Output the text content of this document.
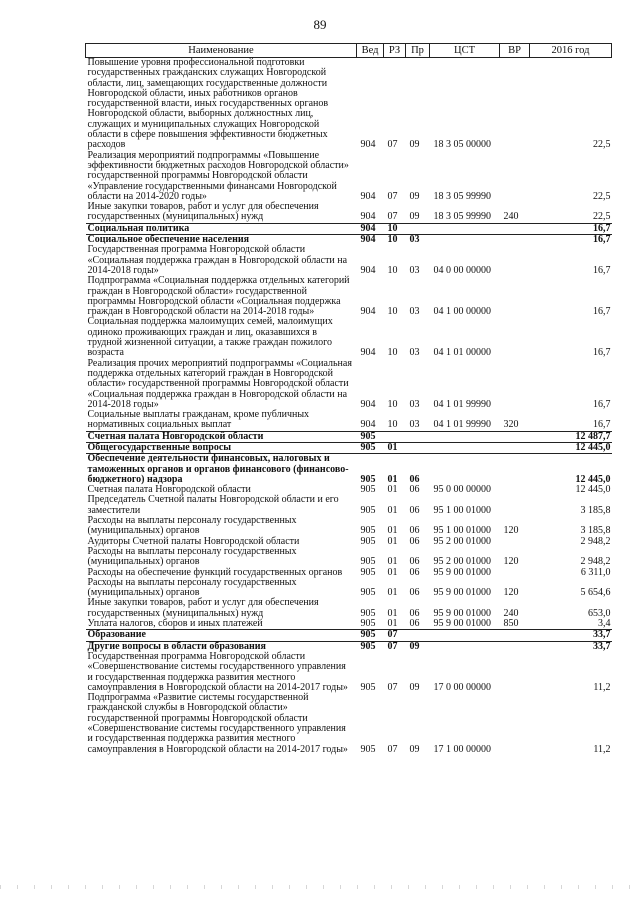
89
Наименование	Вед	РЗ	Пр	ЦСТ	ВР	2016 год
Повышение уровня профессиональной подготовки государственных гражданских служащих Новгородской области, лиц, замещающих государственные должности Новгородской области, иных работников органов государственной власти, иных государственных органов Новгородской области, выборных должностных лиц, служащих и муниципальных служащих Новгородской области в сфере повышения эффективности бюджетных расходов	904	07	09	18 3 05 00000		22,5
Реализация мероприятий подпрограммы «Повышение эффективности бюджетных расходов Новгородской области» государственной программы Новгородской области «Управление государственными финансами Новгородской области на 2014-2020 годы»	904	07	09	18 3 05 99990		22,5
Иные закупки товаров, работ и услуг для обеспечения государственных (муниципальных) нужд	904	07	09	18 3 05 99990	240	22,5
Социальная политика	904	10				16,7
Социальное обеспечение населения	904	10	03			16,7
Государственная программа Новгородской области «Социальная поддержка граждан в Новгородской области на 2014-2018 годы»	904	10	03	04 0 00 00000		16,7
Подпрограмма «Социальная поддержка отдельных категорий граждан в Новгородской области» государственной программы Новгородской области «Социальная поддержка граждан в Новгородской области на 2014-2018 годы»	904	10	03	04 1 00 00000		16,7
Социальная поддержка малоимущих семей, малоимущих одиноко проживающих граждан и лиц, оказавшихся в трудной жизненной ситуации, а также граждан пожилого возраста	904	10	03	04 1 01 00000		16,7
Реализация прочих мероприятий подпрограммы «Социальная поддержка отдельных категорий граждан в Новгородской области» государственной программы Новгородской области «Социальная поддержка граждан в Новгородской области на 2014-2018 годы»	904	10	03	04 1 01 99990		16,7
Социальные выплаты гражданам, кроме публичных нормативных социальных выплат	904	10	03	04 1 01 99990	320	16,7
Счетная палата Новгородской области	905					12 487,7
Общегосударственные вопросы	905	01				12 445,0
Обеспечение деятельности финансовых, налоговых и таможенных органов и органов финансового (финансово-бюджетного) надзора	905	01	06			12 445,0
Счетная палата Новгородской области	905	01	06	95 0 00 00000		12 445,0
Председатель Счетной палаты Новгородской области и его заместители	905	01	06	95 1 00 01000		3 185,8
Расходы на выплаты персоналу государственных (муниципальных) органов	905	01	06	95 1 00 01000	120	3 185,8
Аудиторы Счетной палаты Новгородской области	905	01	06	95 2 00 01000		2 948,2
Расходы на выплаты персоналу государственных (муниципальных) органов	905	01	06	95 2 00 01000	120	2 948,2
Расходы на обеспечение функций государственных органов	905	01	06	95 9 00 01000		6 311,0
Расходы на выплаты персоналу государственных (муниципальных) органов	905	01	06	95 9 00 01000	120	5 654,6
Иные закупки товаров, работ и услуг для обеспечения государственных (муниципальных) нужд	905	01	06	95 9 00 01000	240	653,0
Уплата налогов, сборов и иных платежей	905	01	06	95 9 00 01000	850	3,4
Образование	905	07				33,7
Другие вопросы в области образования	905	07	09			33,7
Государственная программа Новгородской области «Совершенствование системы государственного управления и государственная поддержка развития местного самоуправления в Новгородской области на 2014-2017 годы»	905	07	09	17 0 00 00000		11,2
Подпрограмма «Развитие системы государственной гражданской службы в Новгородской области» государственной программы Новгородской области «Совершенствование системы государственного управления и государственная поддержка развития местного самоуправления в Новгородской области на 2014-2017 годы»	905	07	09	17 1 00 00000		11,2
